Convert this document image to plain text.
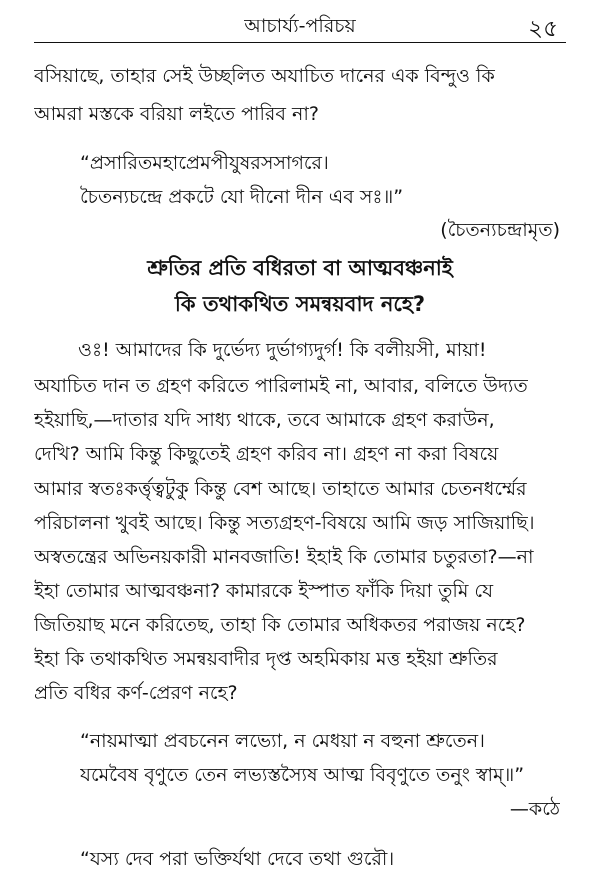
আচার্য্য-পরিচয়	২৫
বসিয়াছে, তাহার সেই উচ্ছলিত অযাচিত দানের এক বিন্দুও কি
আমরা মস্তকে বরিয়া লইতে পারিব না?
“প্রসারিতমহাপ্রেমপীযুষরসসাগরে।
চৈতন্যচন্দ্রে প্রকটে যো দীনো দীন এব সঃ॥”
(চৈতন্যচন্দ্রামৃত)
শ্রুতির প্রতি বধিরতা বা আত্মবঞ্চনাই
কি তথাকথিত সমন্বয়বাদ নহে?
ওঃ! আমাদের কি দুর্ভেদ্য দুর্ভাগ্যদুর্গ! কি বলীয়সী, মায়া!
অযাচিত দান ত গ্রহণ করিতে পারিলামই না, আবার, বলিতে উদ্যত
হইয়াছি,—দাতার যদি সাধ্য থাকে, তবে আমাকে গ্রহণ করাউন,
দেখি? আমি কিন্তু কিছুতেই গ্রহণ করিব না। গ্রহণ না করা বিষয়ে
আমার স্বতঃকর্ত্তৃত্বটুকু কিন্তু বেশ আছে। তাহাতে আমার চেতনধর্ম্মের
পরিচালনা খুবই আছে। কিন্তু সত্যগ্রহণ-বিষয়ে আমি জড় সাজিয়াছি।
অস্বতন্ত্রের অভিনয়কারী মানবজাতি! ইহাই কি তোমার চতুরতা?—না
ইহা তোমার আত্মবঞ্চনা? কামারকে ইস্পাত ফাঁকি দিয়া তুমি যে
জিতিয়াছ মনে করিতেছ, তাহা কি তোমার অধিকতর পরাজয় নহে?
ইহা কি তথাকথিত সমন্বয়বাদীর দৃপ্ত অহমিকায় মত্ত হইয়া শ্রুতির
প্রতি বধির কর্ণ-প্রেরণ নহে?
“নায়মাত্মা প্রবচনেন লভ্যো, ন মেধয়া ন বহুনা শ্রুতেন।
যমেবৈষ বৃণুতে তেন লভ্যস্তস্যৈষ আত্ম বিবৃণুতে তনুং স্বাম্॥”
—কঠে
“যস্য দেব পরা ভক্তির্যথা দেবে তথা গুরৌ।
